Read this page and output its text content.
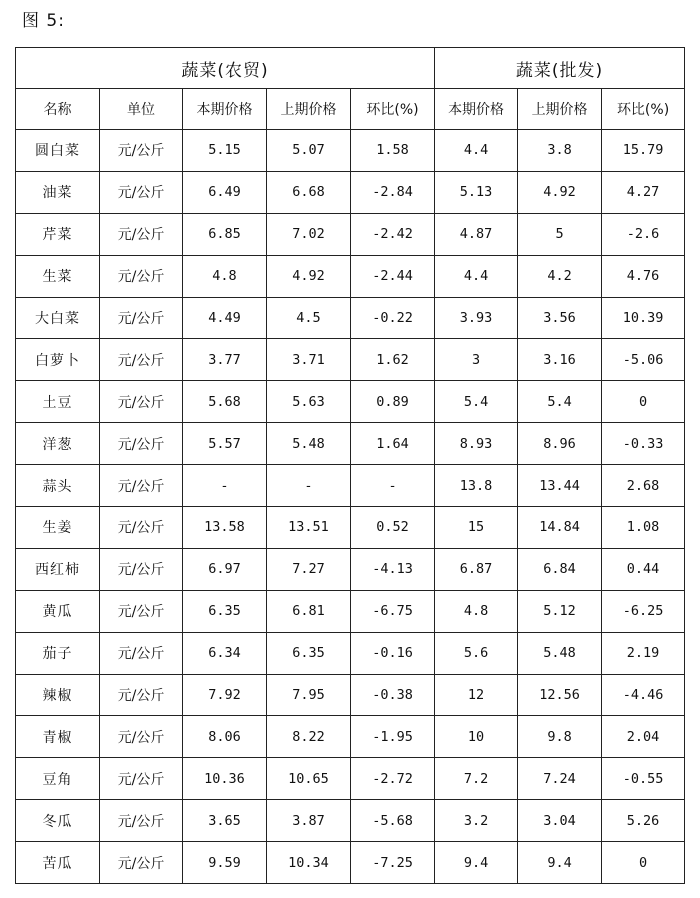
图 5:
蔬菜(农贸)					蔬菜(批发)		
名称	单位	本期价格	上期价格	环比(%)	本期价格	上期价格	环比(%)
圆白菜	元/公斤	5.15	5.07	1.58	4.4	3.8	15.79
油菜	元/公斤	6.49	6.68	-2.84	5.13	4.92	4.27
芹菜	元/公斤	6.85	7.02	-2.42	4.87	5	-2.6
生菜	元/公斤	4.8	4.92	-2.44	4.4	4.2	4.76
大白菜	元/公斤	4.49	4.5	-0.22	3.93	3.56	10.39
白萝卜	元/公斤	3.77	3.71	1.62	3	3.16	-5.06
土豆	元/公斤	5.68	5.63	0.89	5.4	5.4	0
洋葱	元/公斤	5.57	5.48	1.64	8.93	8.96	-0.33
蒜头	元/公斤	-	-	-	13.8	13.44	2.68
生姜	元/公斤	13.58	13.51	0.52	15	14.84	1.08
西红柿	元/公斤	6.97	7.27	-4.13	6.87	6.84	0.44
黄瓜	元/公斤	6.35	6.81	-6.75	4.8	5.12	-6.25
茄子	元/公斤	6.34	6.35	-0.16	5.6	5.48	2.19
辣椒	元/公斤	7.92	7.95	-0.38	12	12.56	-4.46
青椒	元/公斤	8.06	8.22	-1.95	10	9.8	2.04
豆角	元/公斤	10.36	10.65	-2.72	7.2	7.24	-0.55
冬瓜	元/公斤	3.65	3.87	-5.68	3.2	3.04	5.26
苦瓜	元/公斤	9.59	10.34	-7.25	9.4	9.4	0
